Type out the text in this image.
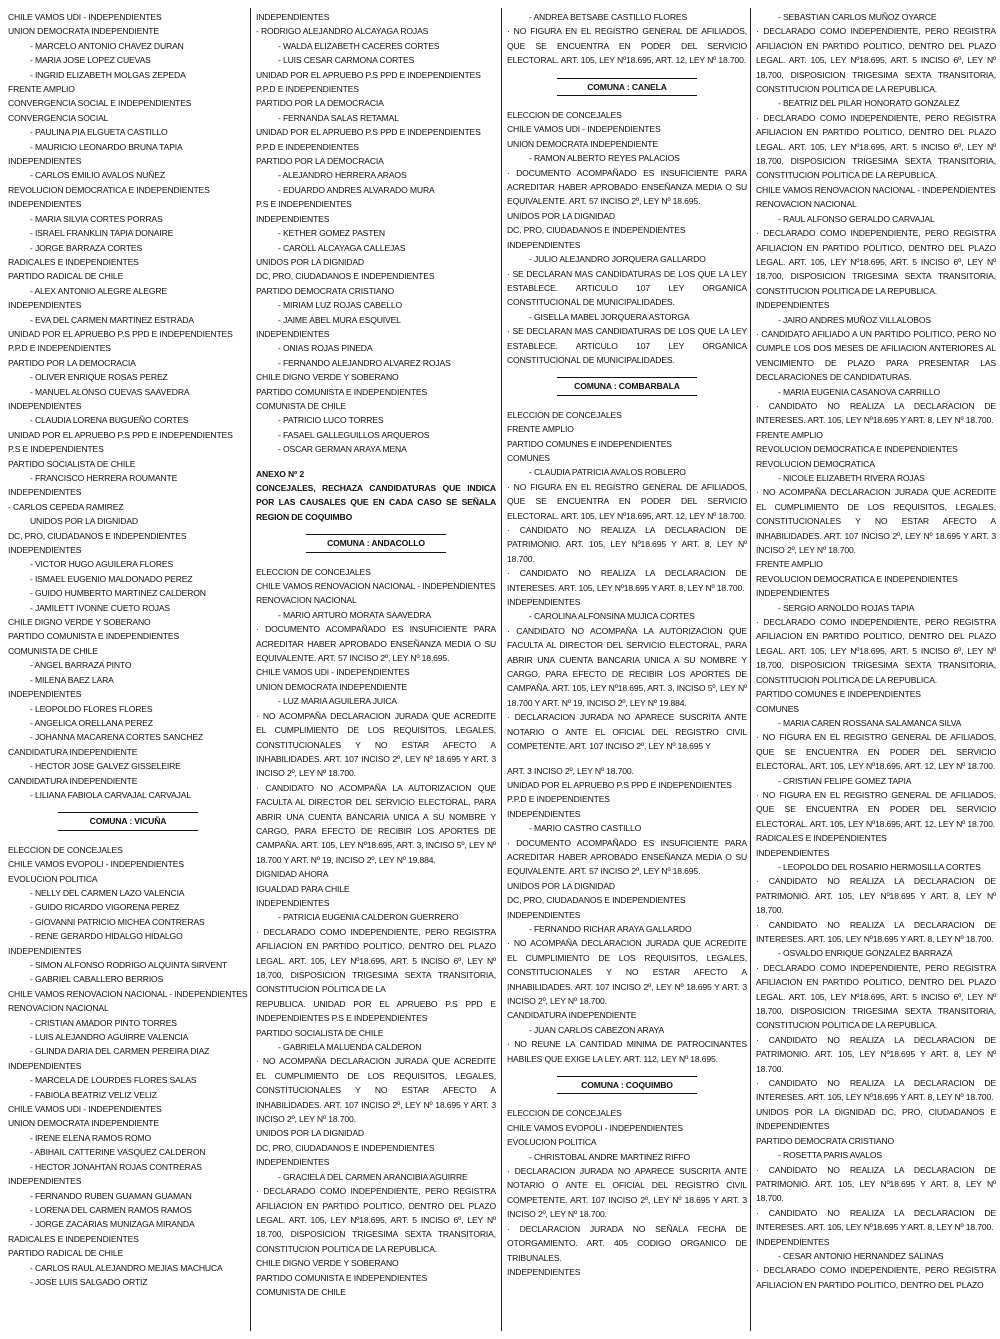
CHILE VAMOS UDI - INDEPENDIENTES
UNION DEMOCRATA INDEPENDIENTE
- MARCELO ANTONIO CHAVEZ DURAN
- MARIA JOSE LOPEZ CUEVAS
- INGRID ELIZABETH MOLGAS ZEPEDA
FRENTE AMPLIO
CONVERGENCIA SOCIAL E INDEPENDIENTES
CONVERGENCIA SOCIAL
- PAULINA PIA ELGUETA CASTILLO
- MAURICIO LEONARDO BRUNA TAPIA
INDEPENDIENTES
- CARLOS EMILIO AVALOS NUÑEZ
REVOLUCION DEMOCRATICA E INDEPENDIENTES
INDEPENDIENTES
- MARIA SILVIA CORTES PORRAS
- ISRAEL FRANKLIN TAPIA DONAIRE
- JORGE BARRAZA CORTES
RADICALES E INDEPENDIENTES
PARTIDO RADICAL DE CHILE
- ALEX ANTONIO ALEGRE ALEGRE
INDEPENDIENTES
- EVA DEL CARMEN MARTINEZ ESTRADA
UNIDAD POR EL APRUEBO P.S PPD E INDEPENDIENTES
P.P.D E INDEPENDIENTES
PARTIDO POR LA DEMOCRACIA
- OLIVER ENRIQUE ROSAS PEREZ
- MANUEL ALONSO CUEVAS SAAVEDRA
INDEPENDIENTES
- CLAUDIA LORENA BUGUEÑO CORTES
UNIDAD POR EL APRUEBO P.S PPD E INDEPENDIENTES
P.S E INDEPENDIENTES
PARTIDO SOCIALISTA DE CHILE
- FRANCISCO HERRERA ROUMANTE
INDEPENDIENTES
- CARLOS CEPEDA RAMIREZ
UNIDOS POR LA DIGNIDAD
DC, PRO, CIUDADANOS E INDEPENDIENTES
INDEPENDIENTES
- VICTOR HUGO AGUILERA FLORES
- ISMAEL EUGENIO MALDONADO PEREZ
- GUIDO HUMBERTO MARTINEZ CALDERON
- JAMILETT IVONNE CUETO ROJAS
CHILE DIGNO VERDE Y SOBERANO
PARTIDO COMUNISTA E INDEPENDIENTES
COMUNISTA DE CHILE
- ANGEL BARRAZA PINTO
- MILENA BAEZ LARA
INDEPENDIENTES
- LEOPOLDO FLORES FLORES
- ANGELICA ORELLANA PEREZ
- JOHANNA MACARENA CORTES SANCHEZ
CANDIDATURA INDEPENDIENTE
- HECTOR JOSE GALVEZ GISSELEIRE
CANDIDATURA INDEPENDIENTE
- LILIANA FABIOLA CARVAJAL CARVAJAL
COMUNA : VICUÑA
ELECCION DE CONCEJALES
CHILE VAMOS EVOPOLI - INDEPENDIENTES
EVOLUCION POLITICA
- NELLY DEL CARMEN LAZO VALENCIA
- GUIDO RICARDO VIGORENA PEREZ
- GIOVANNI PATRICIO MICHEA CONTRERAS
- RENE GERARDO HIDALGO HIDALGO
INDEPENDIENTES
- SIMON ALFONSO RODRIGO ALQUINTA SIRVENT
- GABRIEL CABALLERO BERRIOS
CHILE VAMOS RENOVACION NACIONAL - INDEPENDIENTES
RENOVACION NACIONAL
- CRISTIAN AMADOR PINTO TORRES
- LUIS ALEJANDRO AGUIRRE VALENCIA
- GLINDA DARIA DEL CARMEN PEREIRA DIAZ
INDEPENDIENTES
- MARCELA DE LOURDES FLORES SALAS
- FABIOLA BEATRIZ VELIZ VELIZ
CHILE VAMOS UDI - INDEPENDIENTES
UNION DEMOCRATA INDEPENDIENTE
- IRENE ELENA RAMOS ROMO
- ABIHAIL CATTERINE VASQUEZ CALDERON
- HECTOR JONAHTAN ROJAS CONTRERAS
INDEPENDIENTES
- FERNANDO RUBEN GUAMAN GUAMAN
- LORENA DEL CARMEN RAMOS RAMOS
- JORGE ZACARIAS MUNIZAGA MIRANDA
RADICALES E INDEPENDIENTES
PARTIDO RADICAL DE CHILE
- CARLOS RAUL ALEJANDRO MEJIAS MACHUCA
- JOSE LUIS SALGADO ORTIZ
INDEPENDIENTES
- RODRIGO ALEJANDRO ALCAYAGA ROJAS
- WALDA ELIZABETH CACERES CORTES
- LUIS CESAR CARMONA CORTES
UNIDAD POR EL APRUEBO P.S PPD E INDEPENDIENTES
P.P.D E INDEPENDIENTES
PARTIDO POR LA DEMOCRACIA
- FERNANDA SALAS RETAMAL
UNIDAD POR EL APRUEBO P.S PPD E INDEPENDIENTES
P.P.D E INDEPENDIENTES
PARTIDO POR LA DEMOCRACIA
- ALEJANDRO HERRERA ARAOS
- EDUARDO ANDRES ALVARADO MURA
P.S E INDEPENDIENTES
INDEPENDIENTES
- KETHER GOMEZ PASTEN
- CAROLL ALCAYAGA CALLEJAS
UNIDOS POR LA DIGNIDAD
DC, PRO, CIUDADANOS E INDEPENDIENTES
PARTIDO DEMOCRATA CRISTIANO
- MIRIAM LUZ ROJAS CABELLO
- JAIME ABEL MURA ESQUIVEL
INDEPENDIENTES
- ONIAS ROJAS PINEDA
- FERNANDO ALEJANDRO ALVAREZ ROJAS
CHILE DIGNO VERDE Y SOBERANO
PARTIDO COMUNISTA E INDEPENDIENTES
COMUNISTA DE CHILE
- PATRICIO LUCO TORRES
- FASAEL GALLEGUILLOS ARQUEROS
- OSCAR GERMAN ARAYA MENA
ANEXO Nº 2
CONCEJALES, RECHAZA CANDIDATURAS QUE INDICA POR LAS CAUSALES QUE EN CADA CASO SE SEÑALA REGION DE COQUIMBO
COMUNA : ANDACOLLO
ELECCION DE CONCEJALES
CHILE VAMOS RENOVACION NACIONAL - INDEPENDIENTES
RENOVACION NACIONAL
- MARIO ARTURO MORATA SAAVEDRA
· DOCUMENTO ACOMPAÑADO ES INSUFICIENTE PARA ACREDITAR HABER APROBADO ENSEÑANZA MEDIA O SU EQUIVALENTE. ART. 57 INCISO 2º, LEY Nº 18.695.
CHILE VAMOS UDI - INDEPENDIENTES
UNION DEMOCRATA INDEPENDIENTE
- LUZ MARIA AGUILERA JUICA
· NO ACOMPAÑA DECLARACION JURADA QUE ACREDITE EL CUMPLIMIENTO DE LOS REQUISITOS, LEGALES, CONSTITUCIONALES Y NO ESTAR AFECTO A INHABILIDADES. ART. 107 INCISO 2º, LEY Nº 18.695 Y ART. 3 INCISO 2º, LEY Nº 18.700.
· CANDIDATO NO ACOMPAÑA LA AUTORIZACION QUE FACULTA AL DIRECTOR DEL SERVICIO ELECTORAL, PARA ABRIR UNA CUENTA BANCARIA UNICA A SU NOMBRE Y CARGO, PARA EFECTO DE RECIBIR LOS APORTES DE CAMPAÑA. ART. 105, LEY Nº18.695, ART. 3, INCISO 5º, LEY Nº 18.700 Y ART. Nº 19, INCISO 2º, LEY Nº 19.884.
DIGNIDAD AHORA
IGUALDAD PARA CHILE
INDEPENDIENTES
- PATRICIA EUGENIA CALDERON GUERRERO
· DECLARADO COMO INDEPENDIENTE, PERO REGISTRA AFILIACION EN PARTIDO POLITICO, DENTRO DEL PLAZO LEGAL. ART. 105, LEY Nº18.695, ART. 5 INCISO 6º, LEY Nº 18.700, DISPOSICION TRIGESIMA SEXTA TRANSITORIA, CONSTITUCION POLITICA DE LA
REPUBLICA. UNIDAD POR EL APRUEBO P.S PPD E INDEPENDIENTES P.S E INDEPENDIENTES
PARTIDO SOCIALISTA DE CHILE
- GABRIELA MALUENDA CALDERON
· NO ACOMPAÑA DECLARACION JURADA QUE ACREDITE EL CUMPLIMIENTO DE LOS REQUISITOS, LEGALES, CONSTITUCIONALES Y NO ESTAR AFECTO A INHABILIDADES. ART. 107 INCISO 2º, LEY Nº 18.695 Y ART. 3 INCISO 2º, LEY Nº 18.700.
UNIDOS POR LA DIGNIDAD
DC, PRO, CIUDADANOS E INDEPENDIENTES
INDEPENDIENTES
- GRACIELA DEL CARMEN ARANCIBIA AGUIRRE
· DECLARADO COMO INDEPENDIENTE, PERO REGISTRA AFILIACION EN PARTIDO POLITICO, DENTRO DEL PLAZO LEGAL. ART. 105, LEY Nº18.695, ART. 5 INCISO 6º, LEY Nº 18.700, DISPOSICION TRIGESIMA SEXTA TRANSITORIA, CONSTITUCION POLITICA DE LA REPUBLICA.
CHILE DIGNO VERDE Y SOBERANO
PARTIDO COMUNISTA E INDEPENDIENTES
COMUNISTA DE CHILE
- ANDREA BETSABE CASTILLO FLORES
· NO FIGURA EN EL REGISTRO GENERAL DE AFILIADOS, QUE SE ENCUENTRA EN PODER DEL SERVICIO ELECTORAL. ART. 105, LEY Nº18.695, ART. 12, LEY Nº 18.700.
COMUNA : CANELA
ELECCION DE CONCEJALES
CHILE VAMOS UDI - INDEPENDIENTES
UNION DEMOCRATA INDEPENDIENTE
- RAMON ALBERTO REYES PALACIOS
· DOCUMENTO ACOMPAÑADO ES INSUFICIENTE PARA ACREDITAR HABER APROBADO ENSEÑANZA MEDIA O SU EQUIVALENTE. ART. 57 INCISO 2º, LEY Nº 18.695.
UNIDOS POR LA DIGNIDAD
DC, PRO, CIUDADANOS E INDEPENDIENTES
INDEPENDIENTES
- JULIO ALEJANDRO JORQUERA GALLARDO
· SE DECLARAN MAS CANDIDATURAS DE LOS QUE LA LEY ESTABLECE. ARTICULO 107 LEY ORGANICA CONSTITUCIONAL DE MUNICIPALIDADES.
- GISELLA MABEL JORQUERA ASTORGA
· SE DECLARAN MAS CANDIDATURAS DE LOS QUE LA LEY ESTABLECE. ARTICULO 107 LEY ORGANICA CONSTITUCIONAL DE MUNICIPALIDADES.
COMUNA : COMBARBALA
ELECCION DE CONCEJALES
FRENTE AMPLIO
PARTIDO COMUNES E INDEPENDIENTES
COMUNES
- CLAUDIA PATRICIA AVALOS ROBLERO
· NO FIGURA EN EL REGISTRO GENERAL DE AFILIADOS, QUE SE ENCUENTRA EN PODER DEL SERVICIO ELECTORAL. ART. 105, LEY Nº18.695, ART. 12, LEY Nº 18.700.
· CANDIDATO NO REALIZA LA DECLARACION DE PATRIMONIO. ART. 105, LEY Nº18.695 Y ART. 8, LEY Nº 18.700.
· CANDIDATO NO REALIZA LA DECLARACION DE INTERESES. ART. 105, LEY Nº18.695 Y ART. 8, LEY Nº 18.700.
INDEPENDIENTES
- CAROLINA ALFONSINA MUJICA CORTES
· CANDIDATO NO ACOMPAÑA LA AUTORIZACION QUE FACULTA AL DIRECTOR DEL SERVICIO ELECTORAL, PARA ABRIR UNA CUENTA BANCARIA UNICA A SU NOMBRE Y CARGO, PARA EFECTO DE RECIBIR LOS APORTES DE CAMPAÑA. ART. 105, LEY Nº18.695, ART. 3, INCISO 5º, LEY Nº 18.700 Y ART. Nº 19, INCISO 2º, LEY Nº 19.884.
· DECLARACION JURADA NO APARECE SUSCRITA ANTE NOTARIO O ANTE EL OFICIAL DEL REGISTRO CIVIL COMPETENTE. ART. 107 INCISO 2º, LEY Nº 18.695 Y
ART. 3 INCISO 2º, LEY Nº 18.700.
UNIDAD POR EL APRUEBO P.S PPD E INDEPENDIENTES
P.P.D E INDEPENDIENTES
INDEPENDIENTES
- MARIO CASTRO CASTILLO
· DOCUMENTO ACOMPAÑADO ES INSUFICIENTE PARA ACREDITAR HABER APROBADO ENSEÑANZA MEDIA O SU EQUIVALENTE. ART. 57 INCISO 2º, LEY Nº 18.695.
UNIDOS POR LA DIGNIDAD
DC, PRO, CIUDADANOS E INDEPENDIENTES
INDEPENDIENTES
- FERNANDO RICHAR ARAYA GALLARDO
· NO ACOMPAÑA DECLARACION JURADA QUE ACREDITE EL CUMPLIMIENTO DE LOS REQUISITOS, LEGALES, CONSTITUCIONALES Y NO ESTAR AFECTO A INHABILIDADES. ART. 107 INCISO 2º, LEY Nº 18.695 Y ART. 3 INCISO 2º, LEY Nº 18.700.
CANDIDATURA INDEPENDIENTE
- JUAN CARLOS CABEZON ARAYA
· NO REUNE LA CANTIDAD MINIMA DE PATROCINANTES HABILES QUE EXIGE LA LEY. ART. 112, LEY Nº 18.695.
COMUNA : COQUIMBO
ELECCION DE CONCEJALES
CHILE VAMOS EVOPOLI - INDEPENDIENTES
EVOLUCION POLITICA
- CHRISTOBAL ANDRE MARTINEZ RIFFO
· DECLARACION JURADA NO APARECE SUSCRITA ANTE NOTARIO O ANTE EL OFICIAL DEL REGISTRO CIVIL COMPETENTE. ART. 107 INCISO 2º, LEY Nº 18.695 Y ART. 3 INCISO 2º, LEY Nº 18.700.
· DECLARACION JURADA NO SEÑALA FECHA DE OTORGAMIENTO. ART. 405 CODIGO ORGANICO DE TRIBUNALES.
INDEPENDIENTES
- SEBASTIAN CARLOS MUÑOZ OYARCE
· DECLARADO COMO INDEPENDIENTE, PERO REGISTRA AFILIACION EN PARTIDO POLITICO, DENTRO DEL PLAZO LEGAL. ART. 105, LEY Nº18.695, ART. 5 INCISO 6º, LEY Nº 18.700, DISPOSICION TRIGESIMA SEXTA TRANSITORIA, CONSTITUCION POLITICA DE LA REPUBLICA.
- BEATRIZ DEL PILAR HONORATO GONZALEZ
· DECLARADO COMO INDEPENDIENTE, PERO REGISTRA AFILIACION EN PARTIDO POLITICO, DENTRO DEL PLAZO LEGAL. ART. 105, LEY Nº18.695, ART. 5 INCISO 6º, LEY Nº 18.700, DISPOSICION TRIGESIMA SEXTA TRANSITORIA, CONSTITUCION POLITICA DE LA REPUBLICA.
CHILE VAMOS RENOVACION NACIONAL - INDEPENDIENTES
RENOVACION NACIONAL
- RAUL ALFONSO GERALDO CARVAJAL
· DECLARADO COMO INDEPENDIENTE, PERO REGISTRA AFILIACION EN PARTIDO POLITICO, DENTRO DEL PLAZO LEGAL. ART. 105, LEY Nº18.695, ART. 5 INCISO 6º, LEY Nº 18.700, DISPOSICION TRIGESIMA SEXTA TRANSITORIA, CONSTITUCION POLITICA DE LA REPUBLICA.
INDEPENDIENTES
- JAIRO ANDRES MUÑOZ VILLALOBOS
· CANDIDATO AFILIADO A UN PARTIDO POLITICO, PERO NO CUMPLE LOS DOS MESES DE AFILIACION ANTERIORES AL VENCIMIENTO DE PLAZO PARA PRESENTAR LAS DECLARACIONES DE CANDIDATURAS.
- MARIA EUGENIA CASANOVA CARRILLO
· CANDIDATO NO REALIZA LA DECLARACION DE INTERESES. ART. 105, LEY Nº18.695 Y ART. 8, LEY Nº 18.700.
FRENTE AMPLIO
REVOLUCION DEMOCRATICA E INDEPENDIENTES
REVOLUCION DEMOCRATICA
- NICOLE ELIZABETH RIVERA ROJAS
· NO ACOMPAÑA DECLARACION JURADA QUE ACREDITE EL CUMPLIMIENTO DE LOS REQUISITOS, LEGALES, CONSTITUCIONALES Y NO ESTAR AFECTO A INHABILIDADES. ART. 107 INCISO 2º, LEY Nº 18.695 Y ART. 3 INCISO 2º, LEY Nº 18.700.
FRENTE AMPLIO
REVOLUCION DEMOCRATICA E INDEPENDIENTES
INDEPENDIENTES
- SERGIO ARNOLDO ROJAS TAPIA
· DECLARADO COMO INDEPENDIENTE, PERO REGISTRA AFILIACION EN PARTIDO POLITICO, DENTRO DEL PLAZO LEGAL. ART. 105, LEY Nº18.695, ART. 5 INCISO 6º, LEY Nº 18.700, DISPOSICION TRIGESIMA SEXTA TRANSITORIA, CONSTITUCION POLITICA DE LA REPUBLICA.
PARTIDO COMUNES E INDEPENDIENTES
COMUNES
- MARIA CAREN ROSSANA SALAMANCA SILVA
· NO FIGURA EN EL REGISTRO GENERAL DE AFILIADOS, QUE SE ENCUENTRA EN PODER DEL SERVICIO ELECTORAL. ART. 105, LEY Nº18.695, ART. 12, LEY Nº 18.700.
- CRISTIAN FELIPE GOMEZ TAPIA
· NO FIGURA EN EL REGISTRO GENERAL DE AFILIADOS, QUE SE ENCUENTRA EN PODER DEL SERVICIO ELECTORAL. ART. 105, LEY Nº18.695, ART. 12, LEY Nº 18.700.
RADICALES E INDEPENDIENTES
INDEPENDIENTES
- LEOPOLDO DEL ROSARIO HERMOSILLA CORTES
· CANDIDATO NO REALIZA LA DECLARACION DE PATRIMONIO. ART. 105, LEY Nº18.695 Y ART. 8, LEY Nº 18.700.
· CANDIDATO NO REALIZA LA DECLARACION DE INTERESES. ART. 105, LEY Nº18.695 Y ART. 8, LEY Nº 18.700.
- OSVALDO ENRIQUE GONZALEZ BARRAZA
· DECLARADO COMO INDEPENDIENTE, PERO REGISTRA AFILIACION EN PARTIDO POLITICO, DENTRO DEL PLAZO LEGAL. ART. 105, LEY Nº18.695, ART. 5 INCISO 6º, LEY Nº 18.700, DISPOSICION TRIGESIMA SEXTA TRANSITORIA, CONSTITUCION POLITICA DE LA REPUBLICA.
· CANDIDATO NO REALIZA LA DECLARACION DE PATRIMONIO. ART. 105, LEY Nº18.695 Y ART. 8, LEY Nº 18.700.
· CANDIDATO NO REALIZA LA DECLARACION DE INTERESES. ART. 105, LEY Nº18.695 Y ART. 8, LEY Nº 18.700.
UNIDOS POR LA DIGNIDAD DC, PRO, CIUDADANOS E INDEPENDIENTES
PARTIDO DEMOCRATA CRISTIANO
- ROSETTA PARIS AVALOS
· CANDIDATO NO REALIZA LA DECLARACION DE PATRIMONIO. ART. 105, LEY Nº18.695 Y ART. 8, LEY Nº 18.700.
· CANDIDATO NO REALIZA LA DECLARACION DE INTERESES. ART. 105, LEY Nº18.695 Y ART. 8, LEY Nº 18.700.
INDEPENDIENTES
- CESAR ANTONIO HERNANDEZ SALINAS
· DECLARADO COMO INDEPENDIENTE, PERO REGISTRA AFILIACION EN PARTIDO POLITICO, DENTRO DEL PLAZO
